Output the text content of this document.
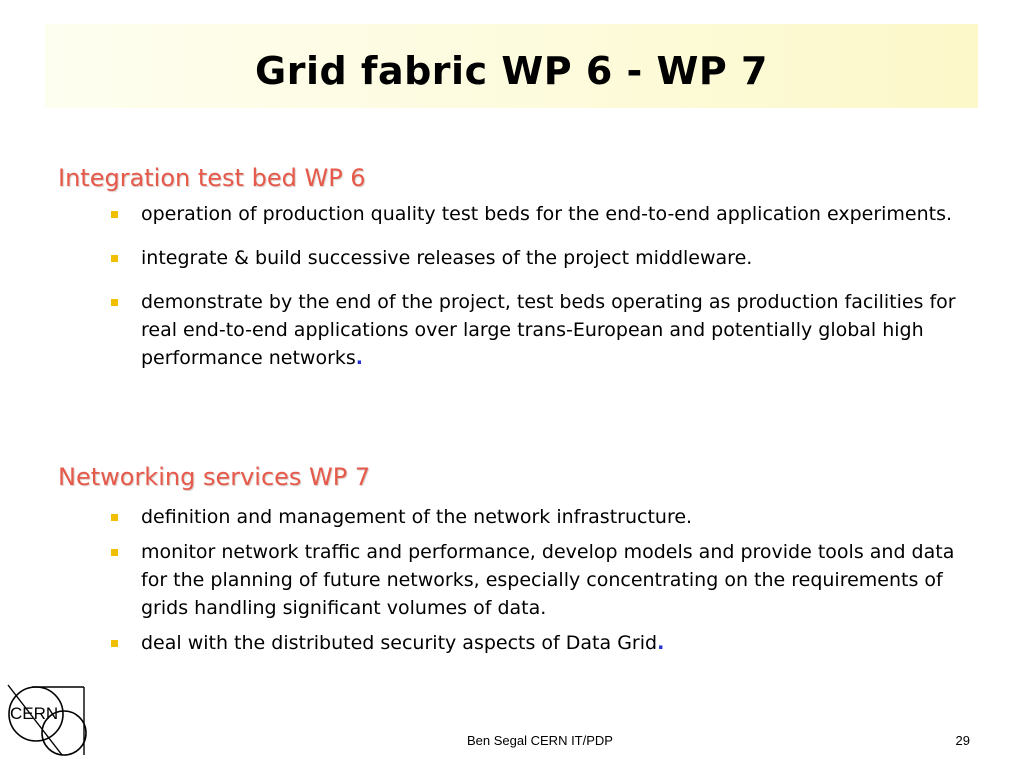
Grid fabric WP 6 - WP 7
Integration test bed WP 6
operation of production quality test beds for the end-to-end application experiments.
integrate & build successive releases of the project middleware.
demonstrate by the end of the project, test beds operating as production facilities for real end-to-end applications over large trans-European and potentially global high performance networks.
Networking services WP 7
definition and management of the network infrastructure.
monitor network traffic and performance, develop models and provide tools and data for the planning of future networks, especially concentrating on the requirements of grids handling significant volumes of data.
deal with the distributed security aspects of Data Grid.
CERN
Ben Segal CERN IT/PDP	29
